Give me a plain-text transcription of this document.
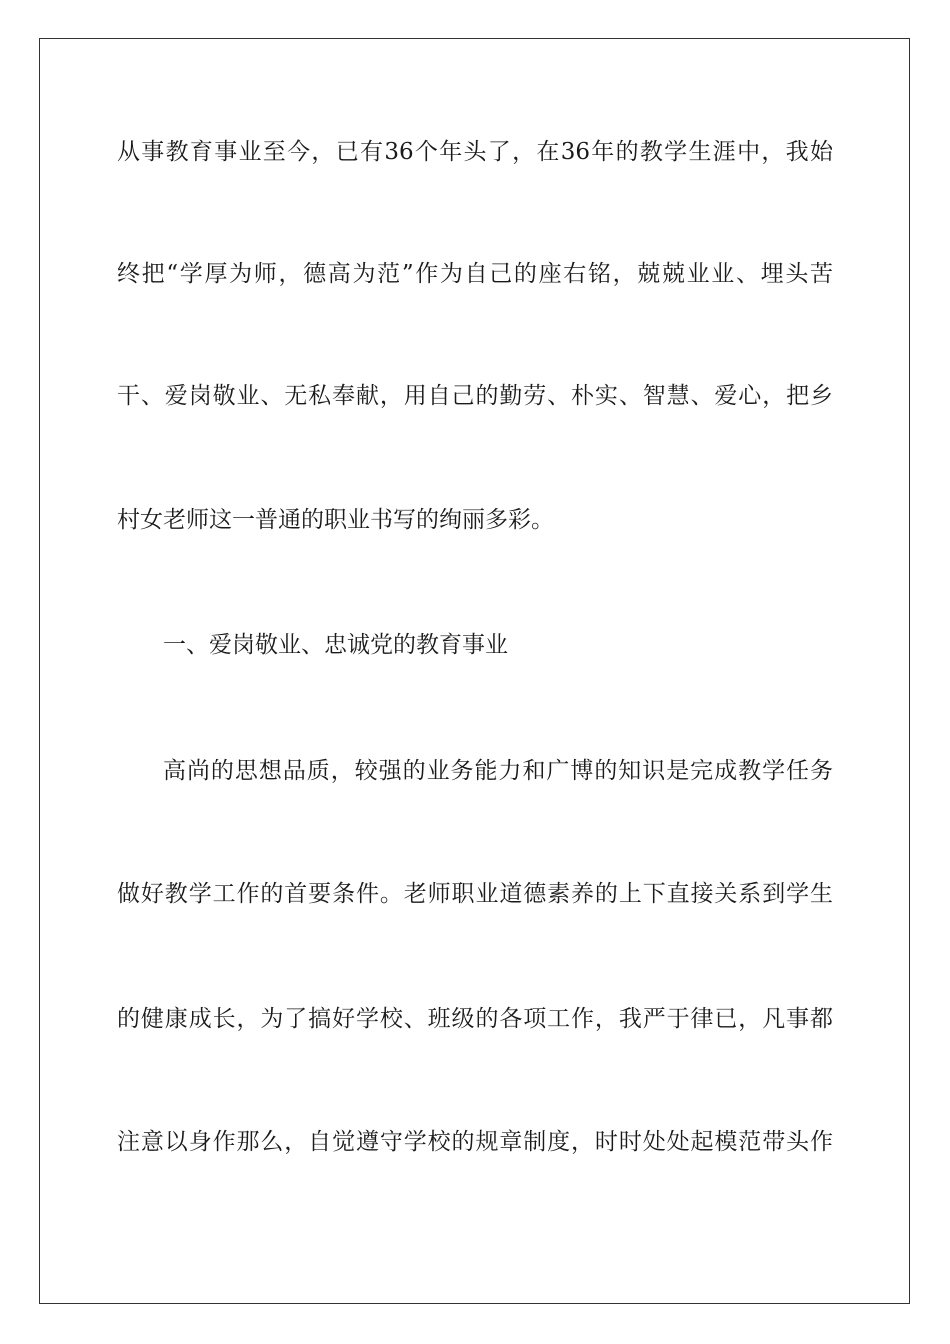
从事教育事业至今，已有36个年头了，在36年的教学生涯中，我始

终把“学厚为师，德高为范”作为自己的座右铭，兢兢业业、埋头苦

干、爱岗敬业、无私奉献，用自己的勤劳、朴实、智慧、爱心，把乡

村女老师这一普通的职业书写的绚丽多彩。

一、爱岗敬业、忠诚党的教育事业

高尚的思想品质，较强的业务能力和广博的知识是完成教学任务

做好教学工作的首要条件。老师职业道德素养的上下直接关系到学生

的健康成长，为了搞好学校、班级的各项工作，我严于律已，凡事都

注意以身作那么，自觉遵守学校的规章制度，时时处处起模范带头作
